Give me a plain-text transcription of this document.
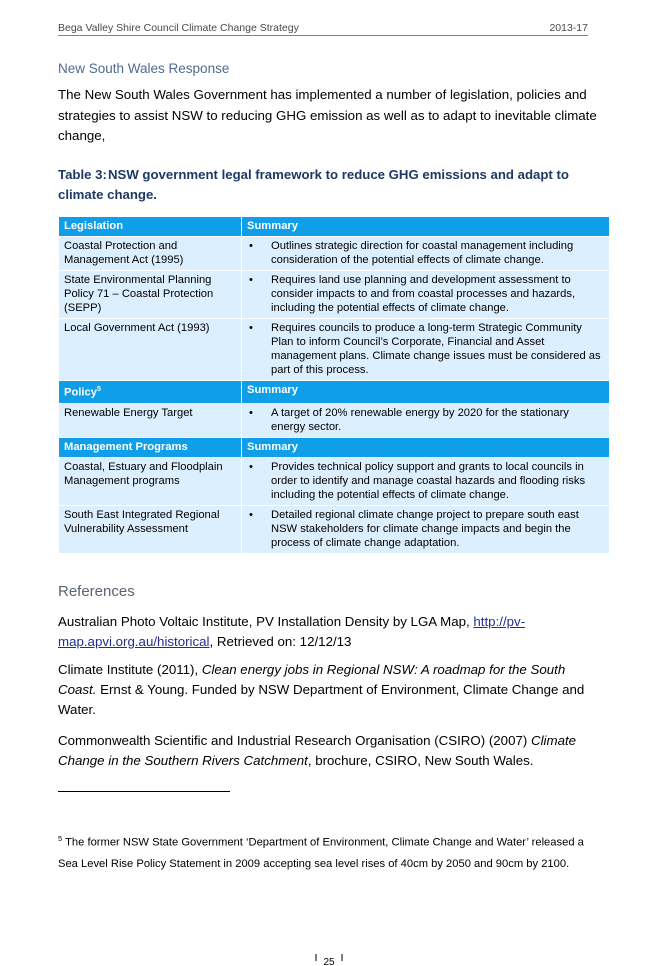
Bega Valley Shire Council Climate Change Strategy	2013-17
New South Wales Response
The New South Wales Government has implemented a number of legislation, policies and strategies to assist NSW to reducing GHG emission as well as to adapt to inevitable climate change,
Table 3:NSW government legal framework to reduce GHG emissions and adapt to climate change.
Legislation	Summary
Coastal Protection and Management Act (1995)	• Outlines strategic direction for coastal management including consideration of the potential effects of climate change.

State Environmental Planning Policy 71 – Coastal Protection (SEPP)	• Requires land use planning and development assessment to consider impacts to and from coastal processes and hazards, including the potential effects of climate change.

Local Government Act (1993)	• Requires councils to produce a long-term Strategic Community Plan to inform Council’s Corporate, Financial and Asset management plans. Climate change issues must be considered as part of this process.

Policy$^5$	Summary
Renewable Energy Target	• A target of 20% renewable energy by 2020 for the stationary energy sector.

Management Programs	Summary
Coastal, Estuary and Floodplain Management programs	• Provides technical policy support and grants to local councils in order to identify and manage coastal hazards and flooding risks including the potential effects of climate change.

South East Integrated Regional Vulnerability Assessment	• Detailed regional climate change project to prepare south east NSW stakeholders for climate change impacts and begin the process of climate change adaptation.
References
Australian Photo Voltaic Institute, PV Installation Density by LGA Map, http://pv-map.apvi.org.au/historical, Retrieved on: 12/12/13
Climate Institute (2011), Clean energy jobs in Regional NSW: A roadmap for the South Coast. Ernst & Young. Funded by NSW Department of Environment, Climate Change and Water.
Commonwealth Scientific and Industrial Research Organisation (CSIRO) (2007) Climate Change in the Southern Rivers Catchment, brochure, CSIRO, New South Wales.
$^5$ The former NSW State Government ‘Department of Environment, Climate Change and Water’ released a Sea Level Rise Policy Statement in 2009 accepting sea level rises of 40cm by 2050 and 90cm by 2100.
25
